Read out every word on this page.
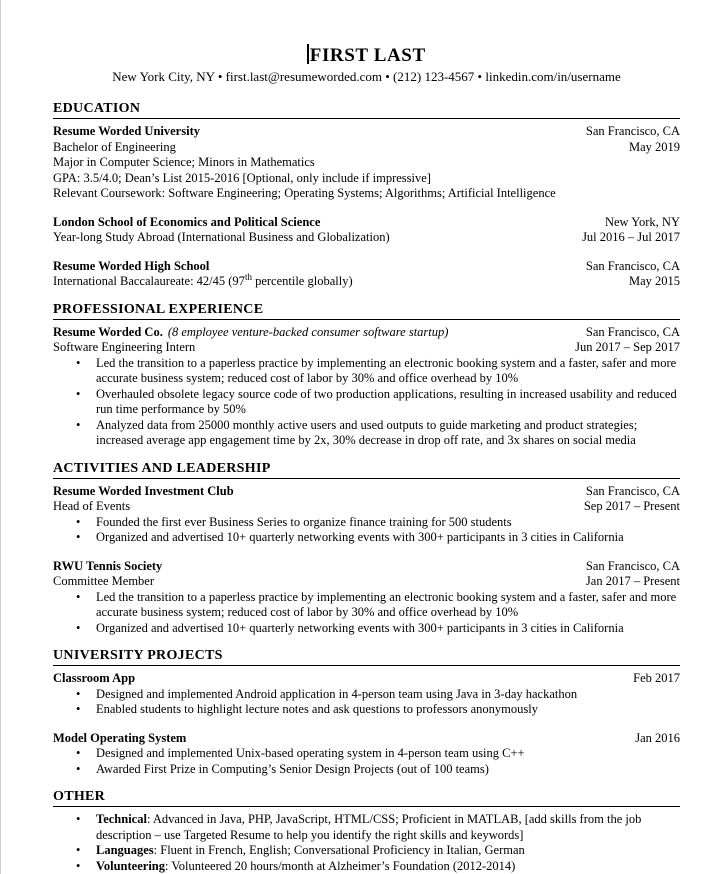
FIRST LAST
New York City, NY • first.last@resumeworded.com • (212) 123-4567 • linkedin.com/in/username
EDUCATION
Resume Worded University	San Francisco, CA
Bachelor of Engineering	May 2019
Major in Computer Science; Minors in Mathematics
GPA: 3.5/4.0; Dean’s List 2015-2016 [Optional, only include if impressive]
Relevant Coursework: Software Engineering; Operating Systems; Algorithms; Artificial Intelligence
London School of Economics and Political Science	New York, NY
Year-long Study Abroad (International Business and Globalization)	Jul 2016 – Jul 2017
Resume Worded High School	San Francisco, CA
International Baccalaureate: 42/45 (97th percentile globally)	May 2015
PROFESSIONAL EXPERIENCE
Resume Worded Co. (8 employee venture-backed consumer software startup)	San Francisco, CA
Software Engineering Intern	Jun 2017 – Sep 2017
•	Led the transition to a paperless practice by implementing an electronic booking system and a faster, safer and more accurate business system; reduced cost of labor by 30% and office overhead by 10%
•	Overhauled obsolete legacy source code of two production applications, resulting in increased usability and reduced run time performance by 50%
•	Analyzed data from 25000 monthly active users and used outputs to guide marketing and product strategies; increased average app engagement time by 2x, 30% decrease in drop off rate, and 3x shares on social media
ACTIVITIES AND LEADERSHIP
Resume Worded Investment Club	San Francisco, CA
Head of Events	Sep 2017 – Present
•	Founded the first ever Business Series to organize finance training for 500 students
•	Organized and advertised 10+ quarterly networking events with 300+ participants in 3 cities in California
RWU Tennis Society	San Francisco, CA
Committee Member	Jan 2017 – Present
•	Led the transition to a paperless practice by implementing an electronic booking system and a faster, safer and more accurate business system; reduced cost of labor by 30% and office overhead by 10%
•	Organized and advertised 10+ quarterly networking events with 300+ participants in 3 cities in California
UNIVERSITY PROJECTS
Classroom App	Feb 2017
•	Designed and implemented Android application in 4-person team using Java in 3-day hackathon
•	Enabled students to highlight lecture notes and ask questions to professors anonymously
Model Operating System	Jan 2016
•	Designed and implemented Unix-based operating system in 4-person team using C++
•	Awarded First Prize in Computing’s Senior Design Projects (out of 100 teams)
OTHER
•	Technical: Advanced in Java, PHP, JavaScript, HTML/CSS; Proficient in MATLAB, [add skills from the job description – use Targeted Resume to help you identify the right skills and keywords]
•	Languages: Fluent in French, English; Conversational Proficiency in Italian, German
•	Volunteering: Volunteered 20 hours/month at Alzheimer’s Foundation (2012-2014)
